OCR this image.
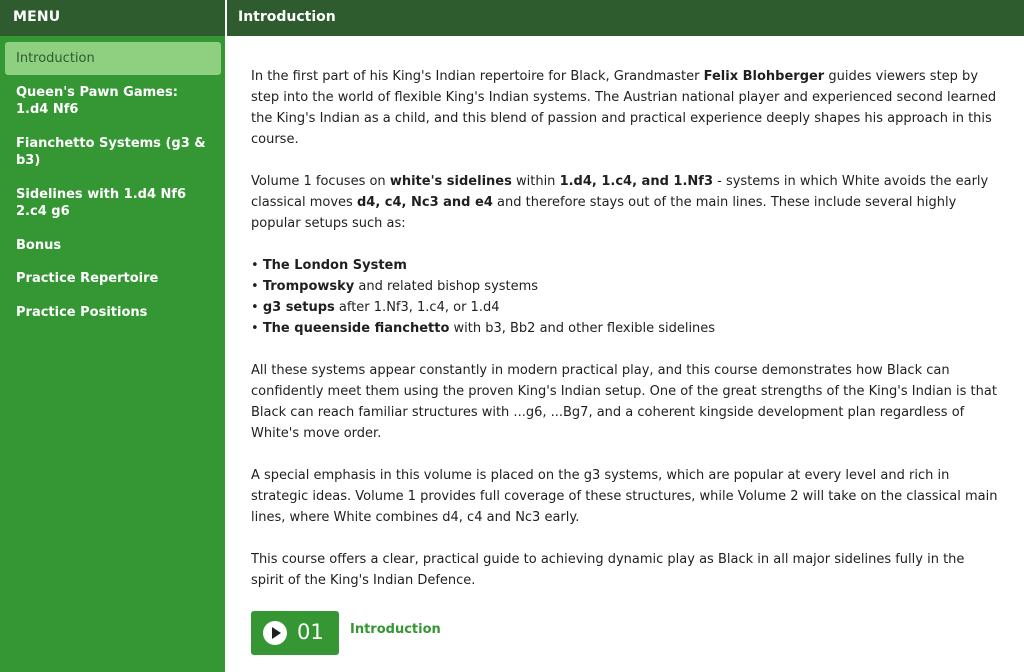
MENU	Introduction
Introduction
Queen's Pawn Games: 1.d4 Nf6
Fianchetto Systems (g3 & b3)
Sidelines with 1.d4 Nf6 2.c4 g6
Bonus
Practice Repertoire
Practice Positions

In the first part of his King's Indian repertoire for Black, Grandmaster Felix Blohberger guides viewers step by step into the world of flexible King's Indian systems. The Austrian national player and experienced second learned the King's Indian as a child, and this blend of passion and practical experience deeply shapes his approach in this course.

Volume 1 focuses on white's sidelines within 1.d4, 1.c4, and 1.Nf3 - systems in which White avoids the early classical moves d4, c4, Nc3 and e4 and therefore stays out of the main lines. These include several highly popular setups such as:

• The London System
• Trompowsky and related bishop systems
• g3 setups after 1.Nf3, 1.c4, or 1.d4
• The queenside fianchetto with b3, Bb2 and other flexible sidelines

All these systems appear constantly in modern practical play, and this course demonstrates how Black can confidently meet them using the proven King's Indian setup. One of the great strengths of the King's Indian is that Black can reach familiar structures with ...g6, ...Bg7, and a coherent kingside development plan regardless of White's move order.

A special emphasis in this volume is placed on the g3 systems, which are popular at every level and rich in strategic ideas. Volume 1 provides full coverage of these structures, while Volume 2 will take on the classical main lines, where White combines d4, c4 and Nc3 early.

This course offers a clear, practical guide to achieving dynamic play as Black in all major sidelines fully in the spirit of the King's Indian Defence.

01 Introduction
